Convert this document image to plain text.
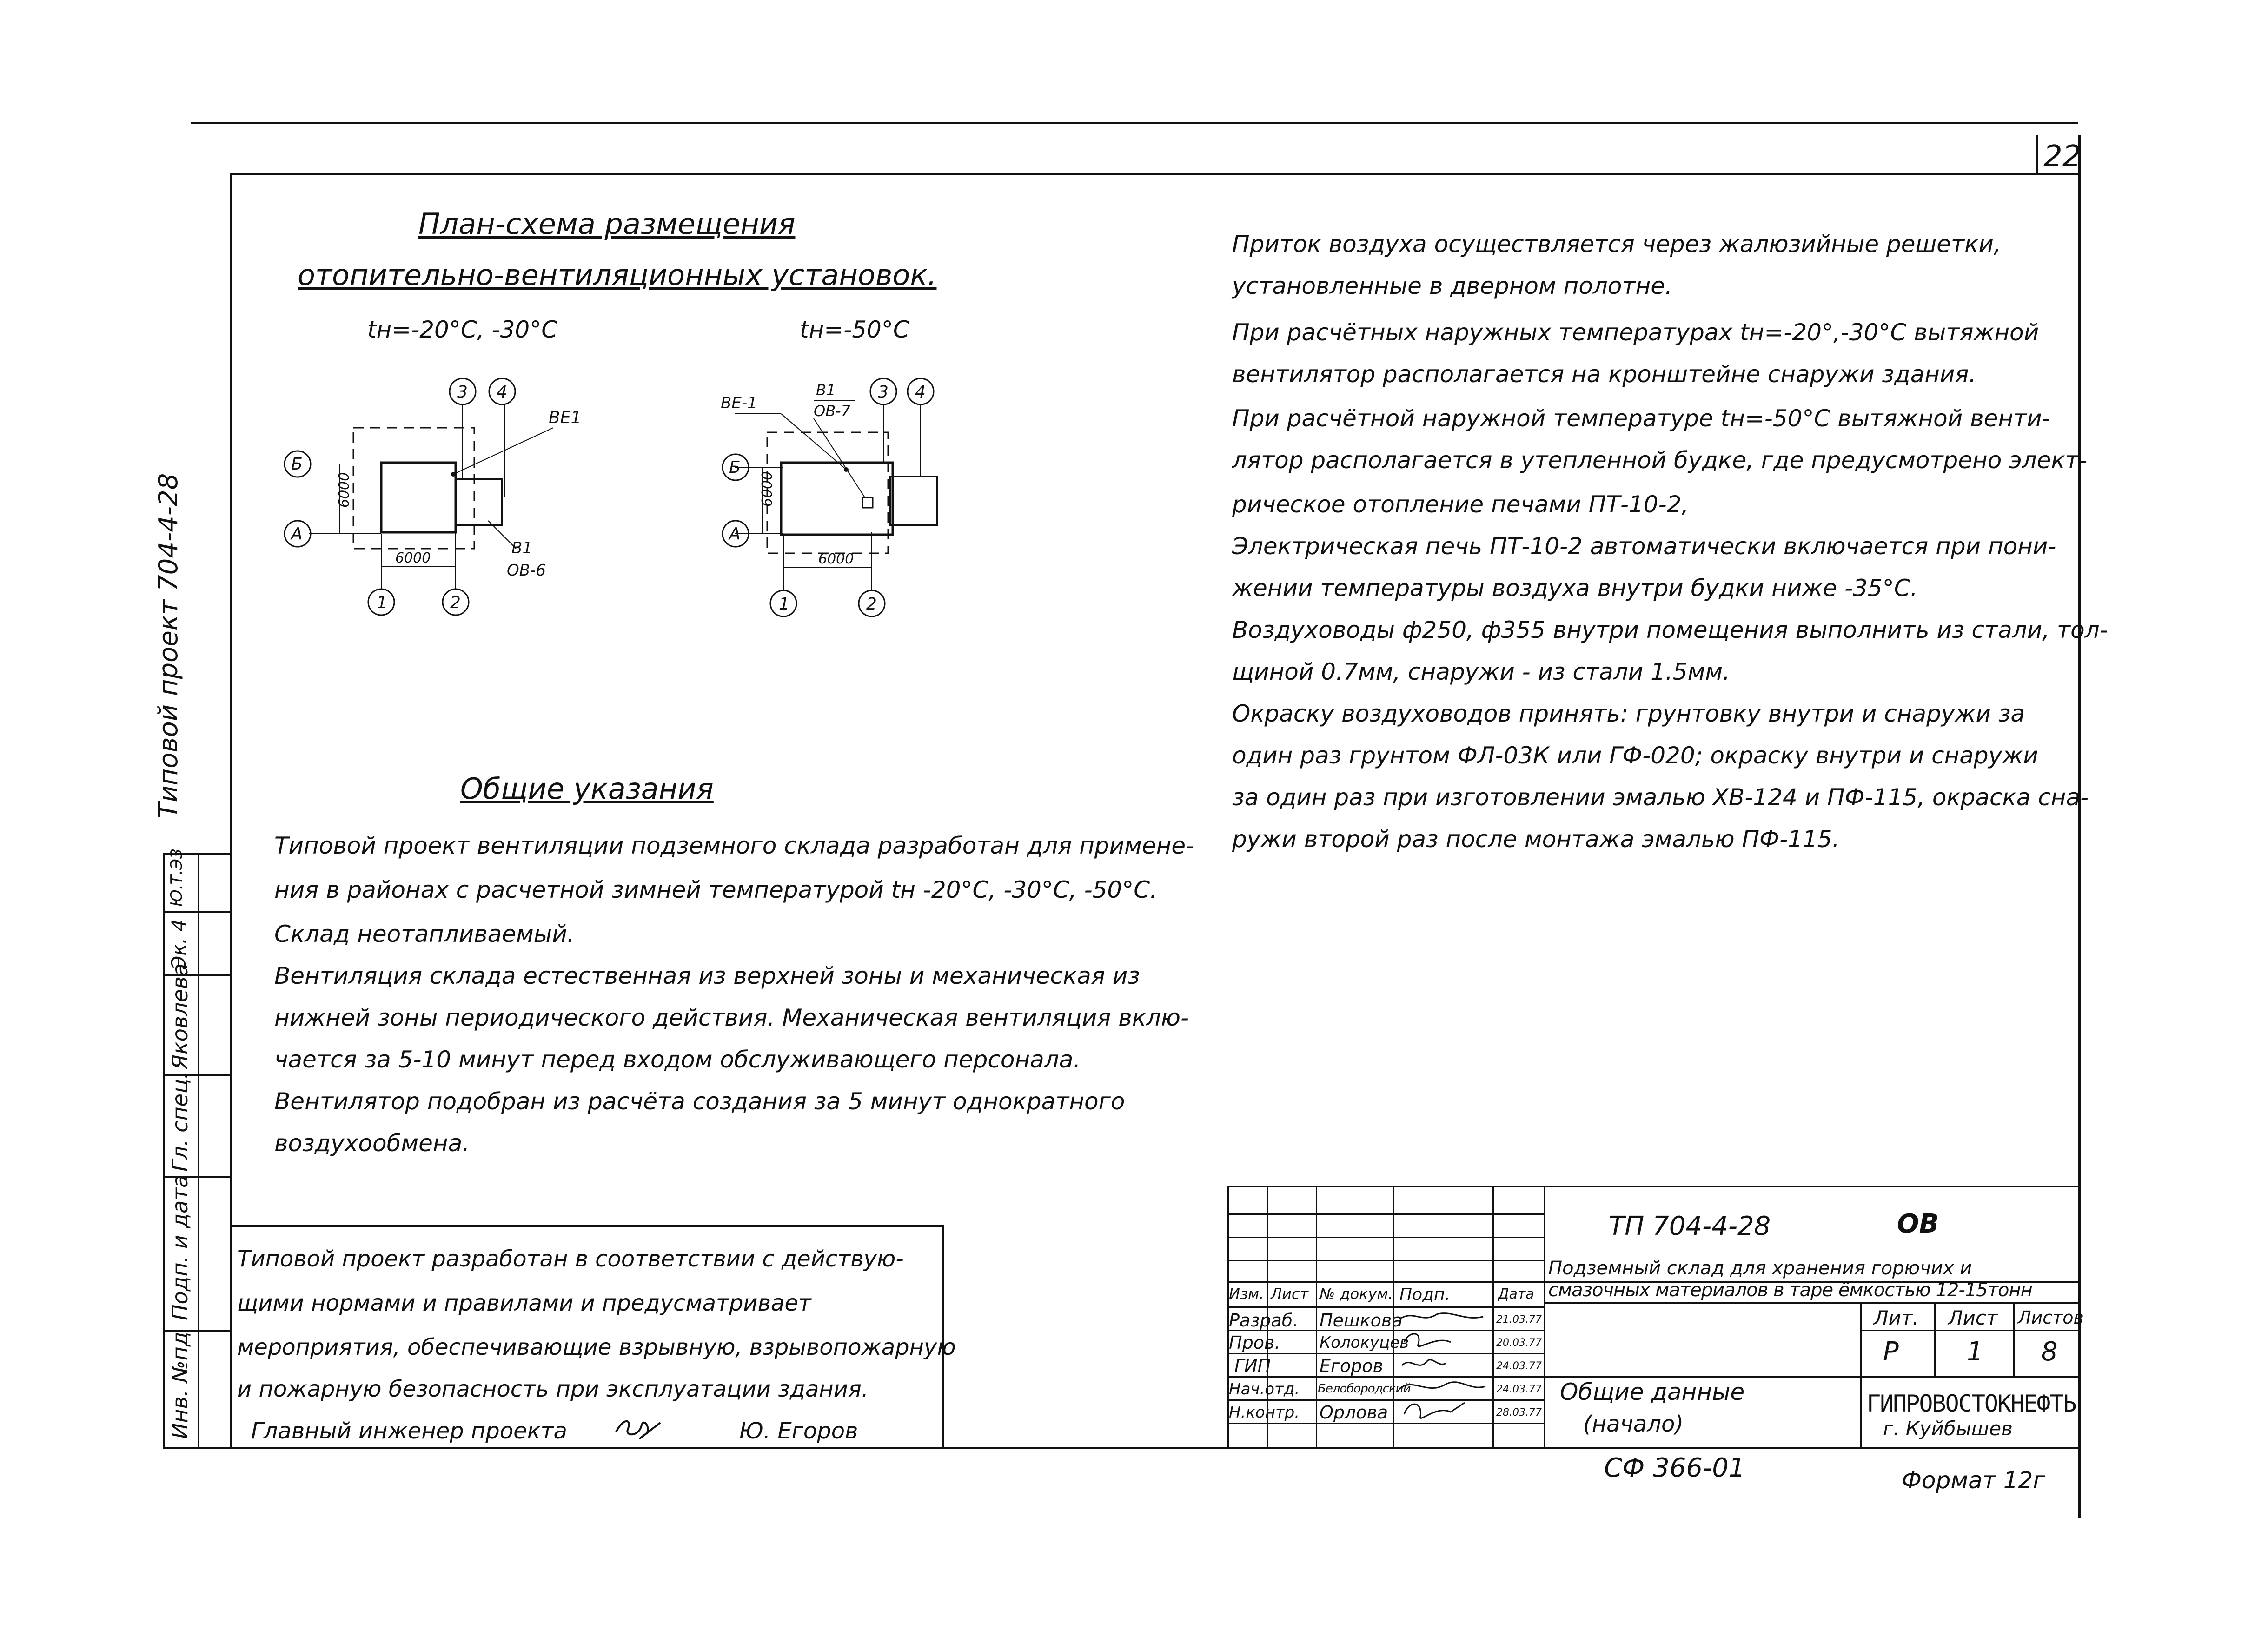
22
Типовой проект 704-4-28
Инв. №пд
Подп. и дата
Гл. спец.
Яковлева
Эк. 4
Ю.Т.ЭЗ
План-схема размещения
отопительно-вентиляционных установок.
tн=-20°С, -30°С	tн=-50°С
6000
6000
Б
А
1	2
3 4
ВЕ1
В1
ОВ-6
6000
6000
Б
А
1	2
3 4
ВЕ-1
В1
ОВ-7
Приток воздуха осуществляется через жалюзийные решетки,
установленные в дверном полотне.
При расчётных наружных температурах tн=-20°,-30°С вытяжной
вентилятор располагается на кронштейне снаружи здания.
При расчётной наружной температуре tн=-50°С вытяжной венти-
лятор располагается в утепленной будке, где предусмотрено элект-
рическое отопление печами ПТ-10-2,
Электрическая печь ПТ-10-2 автоматически включается при пони-
жении температуры воздуха внутри будки ниже -35°С.
Воздуховоды ф250, ф355 внутри помещения выполнить из стали, тол-
щиной 0.7мм, снаружи - из стали 1.5мм.
Окраску воздуховодов принять: грунтовку внутри и снаружи за
один раз грунтом ФЛ-03К или ГФ-020; окраску внутри и снаружи
за один раз при изготовлении эмалью ХВ-124 и ПФ-115, окраска сна-
ружи второй раз после монтажа эмалью ПФ-115.
Общие указания
Типовой проект вентиляции подземного склада разработан для примене-
ния в районах с расчетной зимней температурой tн -20°С, -30°С, -50°С.
Склад неотапливаемый.
Вентиляция склада естественная из верхней зоны и механическая из
нижней зоны периодического действия. Механическая вентиляция вклю-
чается за 5-10 минут перед входом обслуживающего персонала.
Вентилятор подобран из расчёта создания за 5 минут однократного
воздухообмена.
Типовой проект разработан в соответствии с действую-
щими нормами и правилами и предусматривает
мероприятия, обеспечивающие взрывную, взрывопожарную
и пожарную безопасность при эксплуатации здания.
Главный инженер проекта	Ю. Егоров
ТП 704-4-28	ОВ
Подземный склад для хранения горючих и
смазочных материалов в таре ёмкостью 12-15тонн
Изм. Лист № докум. Подп.	Дата
Разраб. Пешкова	21.03.77
Пров. Колокуцев	20.03.77
ГИП	Егоров	24.03.77
Нач.отд. Белобородский	24.03.77
Н.контр. Орлова	28.03.77
Общие данные
(начало)
Лит. Лист Листов
Р	1 8
ГИПРОВОСТОКНЕФТЬ
г. Куйбышев
СФ 366-01	Формат 12г
